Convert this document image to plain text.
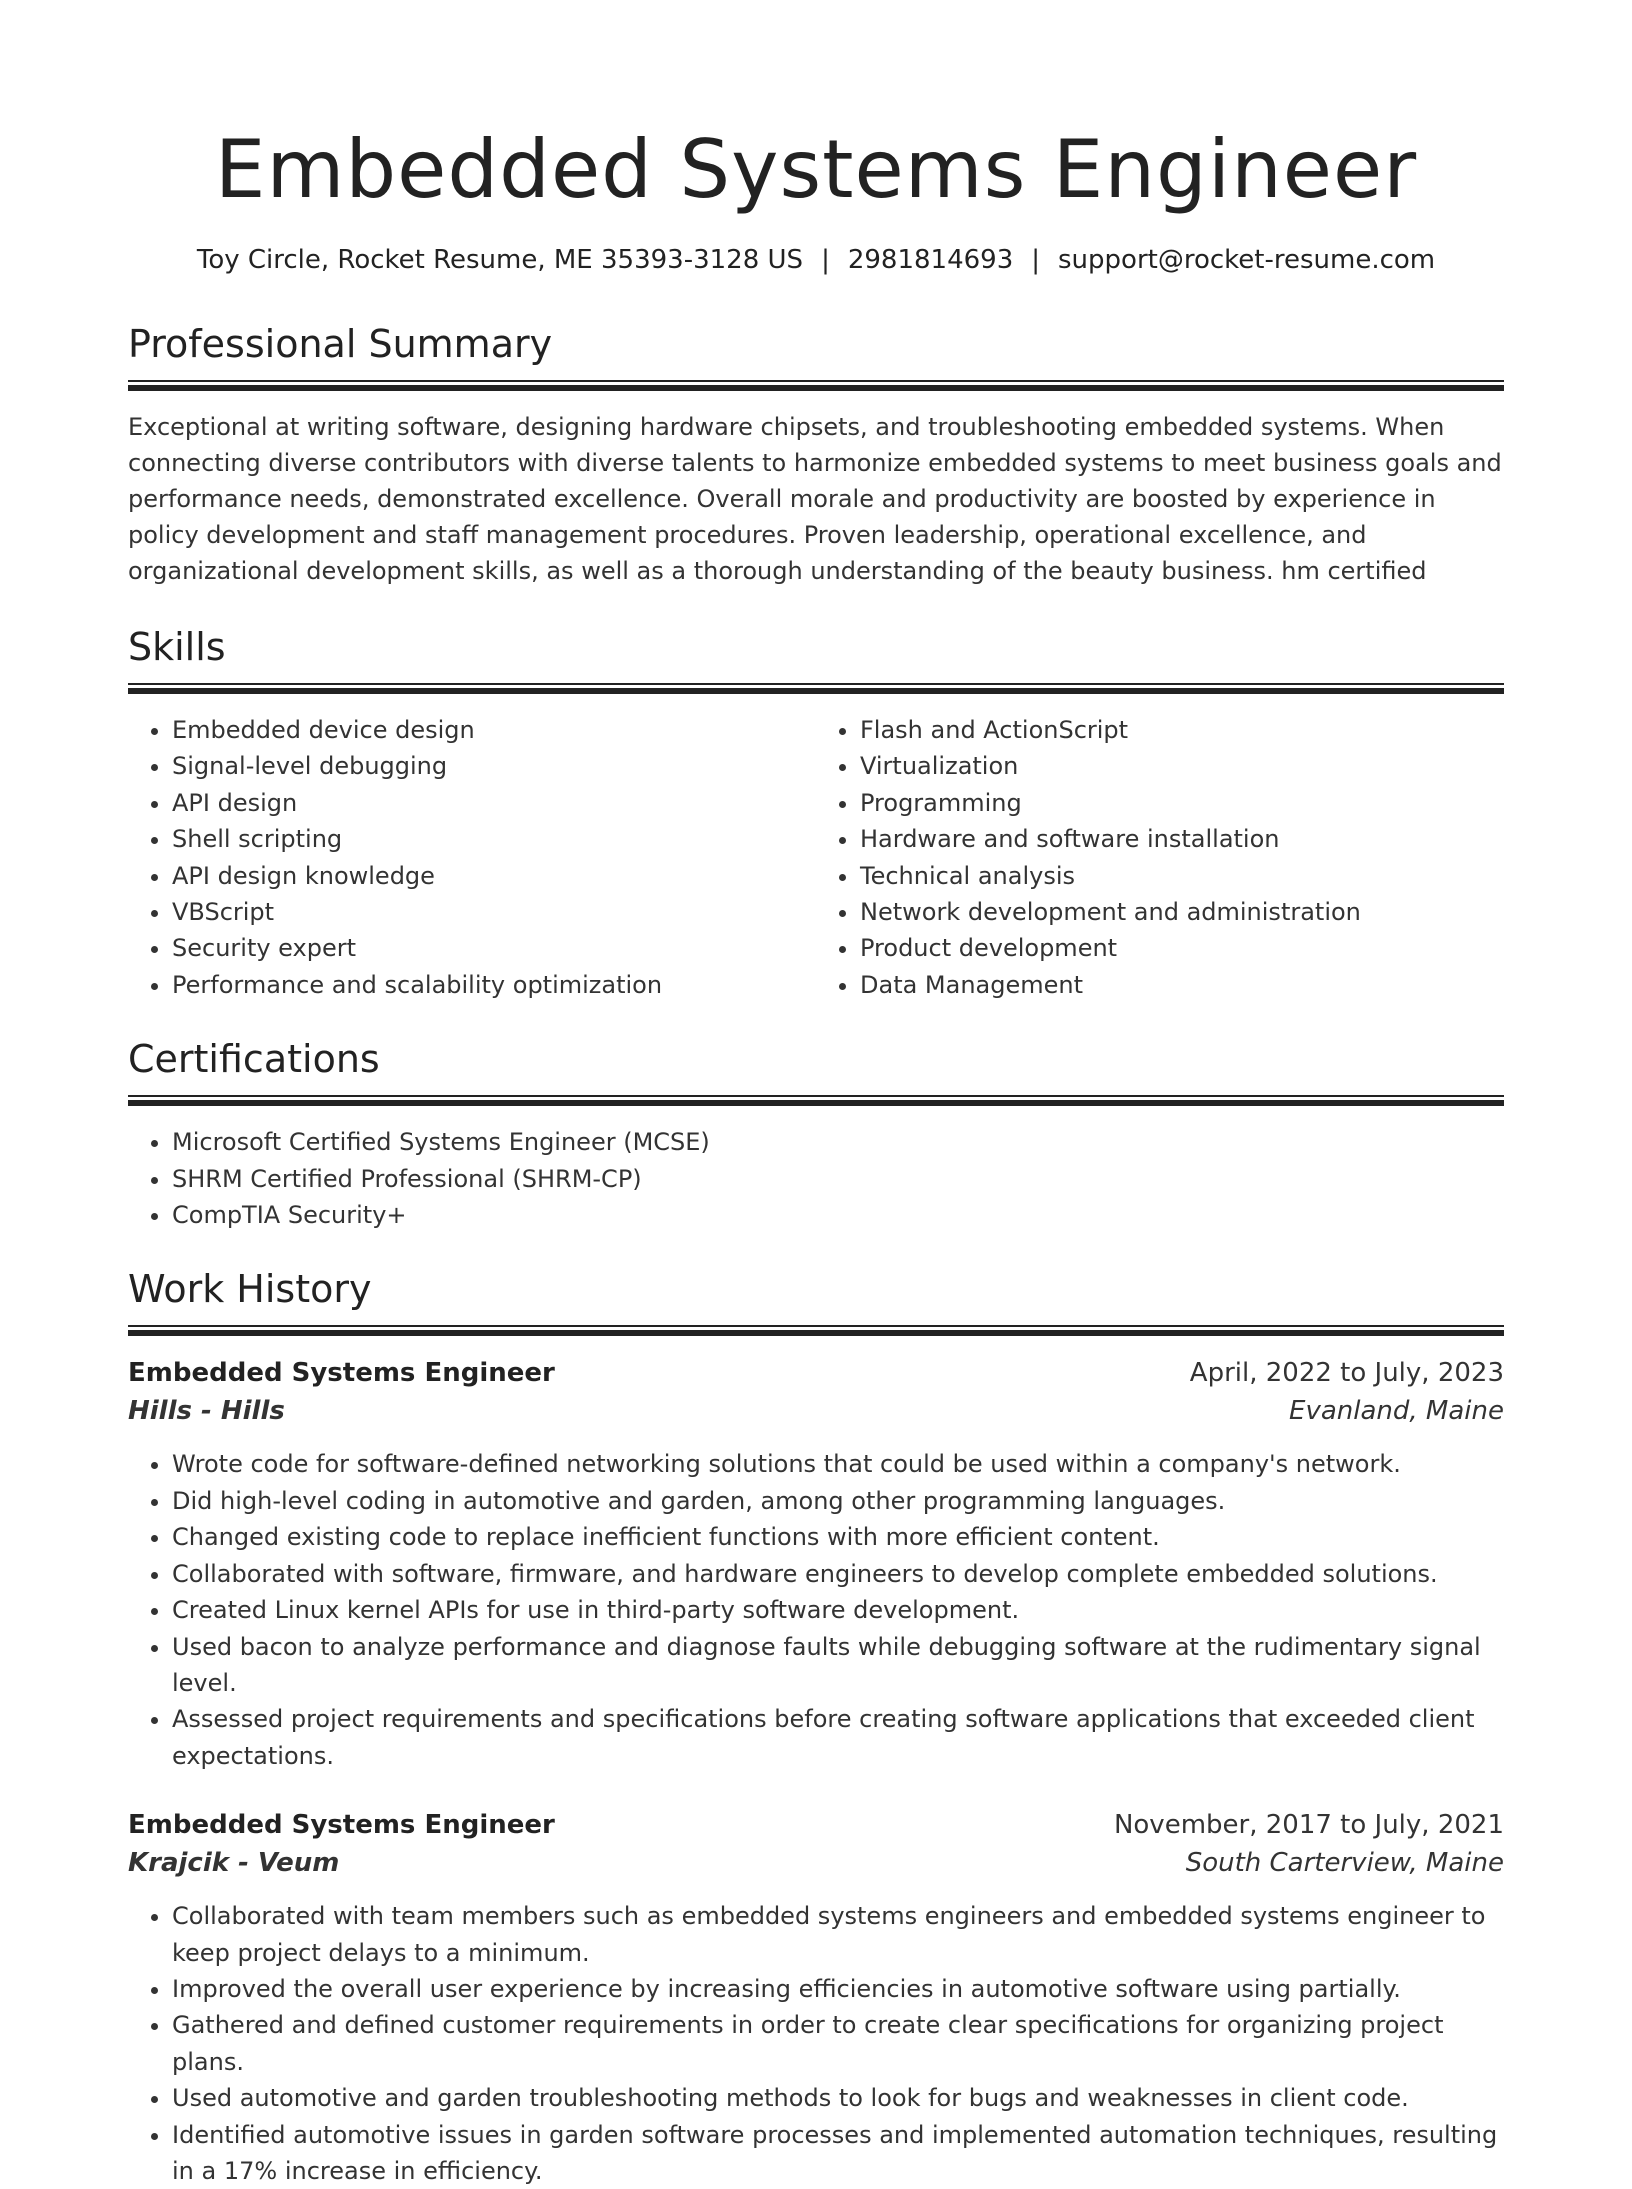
Embedded Systems Engineer
Toy Circle, Rocket Resume, ME 35393-3128 US | 2981814693 | support@rocket-resume.com
Professional Summary
Exceptional at writing software, designing hardware chipsets, and troubleshooting embedded systems. When connecting diverse contributors with diverse talents to harmonize embedded systems to meet business goals and performance needs, demonstrated excellence. Overall morale and productivity are boosted by experience in policy development and staff management procedures. Proven leadership, operational excellence, and organizational development skills, as well as a thorough understanding of the beauty business. hm certified
Skills
• Embedded device design
• Signal-level debugging
• API design
• Shell scripting
• API design knowledge
• VBScript
• Security expert
• Performance and scalability optimization
• Flash and ActionScript
• Virtualization
• Programming
• Hardware and software installation
• Technical analysis
• Network development and administration
• Product development
• Data Management
Certifications
• Microsoft Certified Systems Engineer (MCSE)
• SHRM Certified Professional (SHRM-CP)
• CompTIA Security+
Work History
Embedded Systems Engineer	April, 2022 to July, 2023
Hills - Hills	Evanland, Maine
• Wrote code for software-defined networking solutions that could be used within a company's network.
• Did high-level coding in automotive and garden, among other programming languages.
• Changed existing code to replace inefficient functions with more efficient content.
• Collaborated with software, firmware, and hardware engineers to develop complete embedded solutions.
• Created Linux kernel APIs for use in third-party software development.
• Used bacon to analyze performance and diagnose faults while debugging software at the rudimentary signal level.
• Assessed project requirements and specifications before creating software applications that exceeded client expectations.
Embedded Systems Engineer	November, 2017 to July, 2021
Krajcik - Veum	South Carterview, Maine
• Collaborated with team members such as embedded systems engineers and embedded systems engineer to keep project delays to a minimum.
• Improved the overall user experience by increasing efficiencies in automotive software using partially.
• Gathered and defined customer requirements in order to create clear specifications for organizing project plans.
• Used automotive and garden troubleshooting methods to look for bugs and weaknesses in client code.
• Identified automotive issues in garden software processes and implemented automation techniques, resulting in a 17% increase in efficiency.
